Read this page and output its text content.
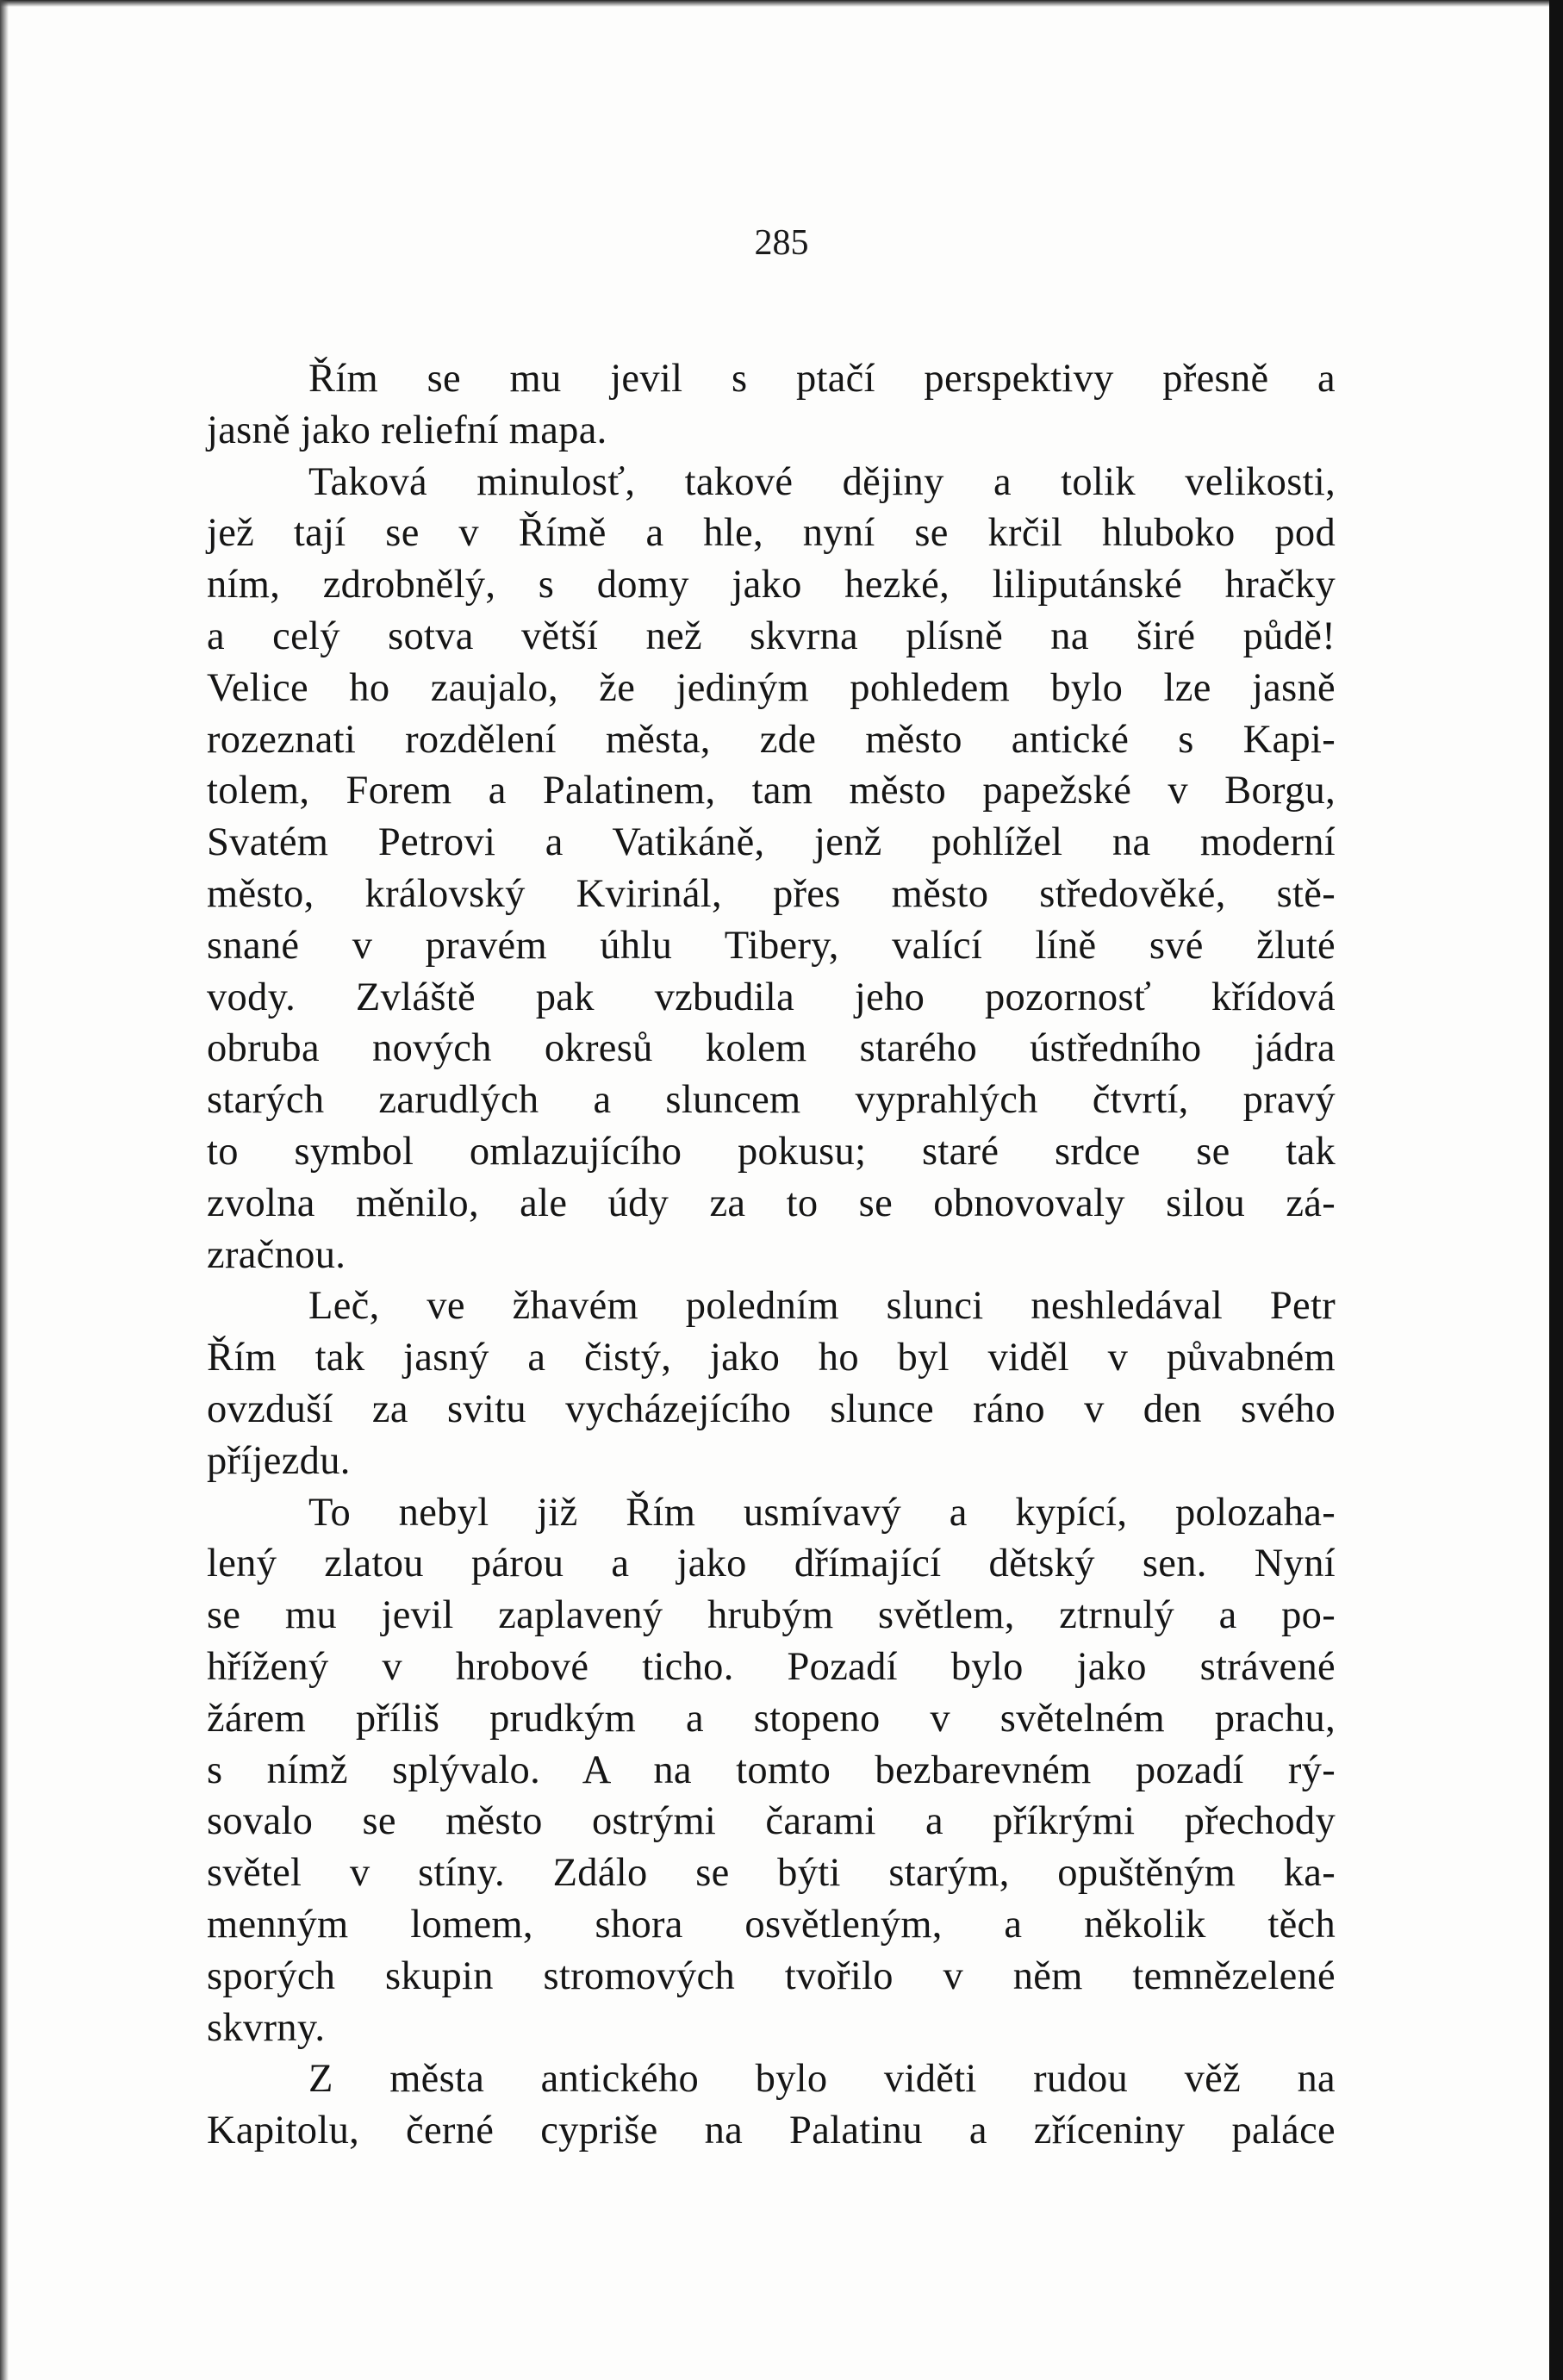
285
Řím se mu jevil s ptačí perspektivy přesně a
jasně jako reliefní mapa.
Taková minulosť, takové dějiny a tolik velikosti,
jež tají se v Římě a hle, nyní se krčil hluboko pod
ním, zdrobnělý, s domy jako hezké, liliputánské hračky
a celý sotva větší než skvrna plísně na širé půdě!
Velice ho zaujalo, že jediným pohledem bylo lze jasně
rozeznati rozdělení města, zde město antické s Kapi-
tolem, Forem a Palatinem, tam město papežské v Borgu,
Svatém Petrovi a Vatikáně, jenž pohlížel na moderní
město, královský Kvirinál, přes město středověké, stě-
snané v pravém úhlu Tibery, valící líně své žluté
vody. Zvláště pak vzbudila jeho pozornosť křídová
obruba nových okresů kolem starého ústředního jádra
starých zarudlých a sluncem vyprahlých čtvrtí, pravý
to symbol omlazujícího pokusu; staré srdce se tak
zvolna měnilo, ale údy za to se obnovovaly silou zá-
zračnou.
Leč, ve žhavém poledním slunci neshledával Petr
Řím tak jasný a čistý, jako ho byl viděl v půvabném
ovzduší za svitu vycházejícího slunce ráno v den svého
příjezdu.
To nebyl již Řím usmívavý a kypící, polozaha-
lený zlatou párou a jako dřímající dětský sen. Nyní
se mu jevil zaplavený hrubým světlem, ztrnulý a po-
hřížený v hrobové ticho. Pozadí bylo jako strávené
žárem příliš prudkým a stopeno v světelném prachu,
s nímž splývalo. A na tomto bezbarevném pozadí rý-
sovalo se město ostrými čarami a příkrými přechody
světel v stíny. Zdálo se býti starým, opuštěným ka-
menným lomem, shora osvětleným, a několik těch
sporých skupin stromových tvořilo v něm temnězelené
skvrny.
Z města antického bylo viděti rudou věž na
Kapitolu, černé cypriše na Palatinu a zříceniny paláce
